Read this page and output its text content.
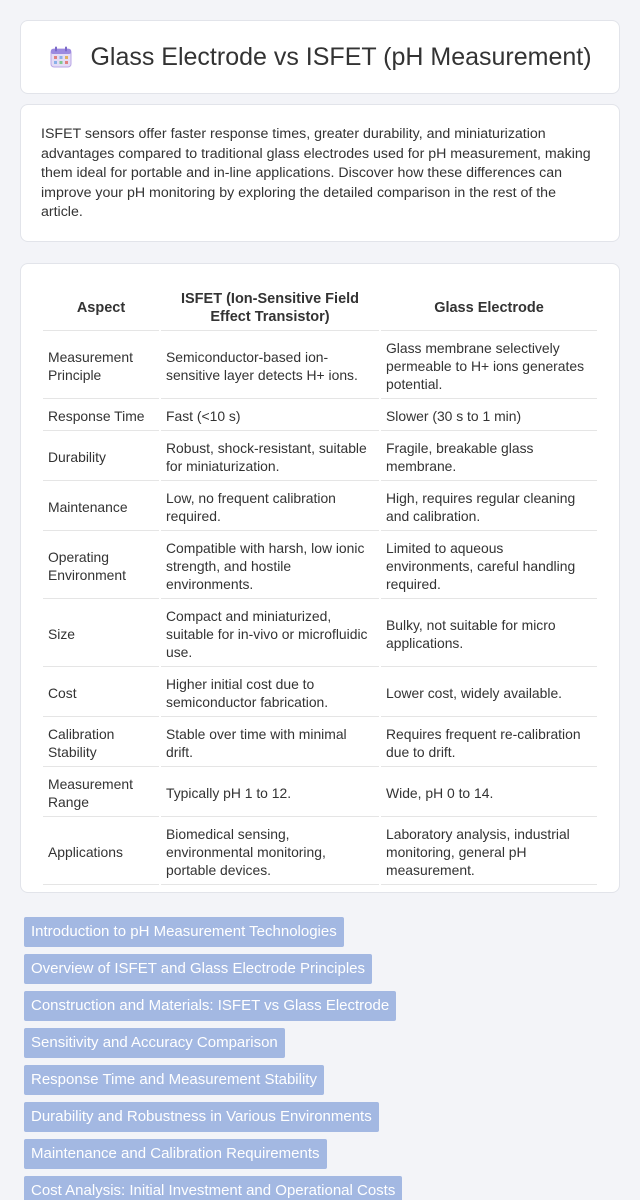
Glass Electrode vs ISFET (pH Measurement)

ISFET sensors offer faster response times, greater durability, and miniaturization advantages compared to traditional glass electrodes used for pH measurement, making them ideal for portable and in-line applications. Discover how these differences can improve your pH monitoring by exploring the detailed comparison in the rest of the article.

Aspect	ISFET (Ion-Sensitive Field Effect Transistor)	Glass Electrode
Measurement Principle	Semiconductor-based ion-sensitive layer detects H+ ions.	Glass membrane selectively permeable to H+ ions generates potential.
Response Time	Fast (<10 s)	Slower (30 s to 1 min)
Durability	Robust, shock-resistant, suitable for miniaturization.	Fragile, breakable glass membrane.
Maintenance	Low, no frequent calibration required.	High, requires regular cleaning and calibration.
Operating Environment	Compatible with harsh, low ionic strength, and hostile environments.	Limited to aqueous environments, careful handling required.
Size	Compact and miniaturized, suitable for in-vivo or microfluidic use.	Bulky, not suitable for micro applications.
Cost	Higher initial cost due to semiconductor fabrication.	Lower cost, widely available.
Calibration Stability	Stable over time with minimal drift.	Requires frequent re-calibration due to drift.
Measurement Range	Typically pH 1 to 12.	Wide, pH 0 to 14.
Applications	Biomedical sensing, environmental monitoring, portable devices.	Laboratory analysis, industrial monitoring, general pH measurement.
Introduction to pH Measurement Technologies
Overview of ISFET and Glass Electrode Principles
Construction and Materials: ISFET vs Glass Electrode
Sensitivity and Accuracy Comparison
Response Time and Measurement Stability
Durability and Robustness in Various Environments
Maintenance and Calibration Requirements
Cost Analysis: Initial Investment and Operational Costs
